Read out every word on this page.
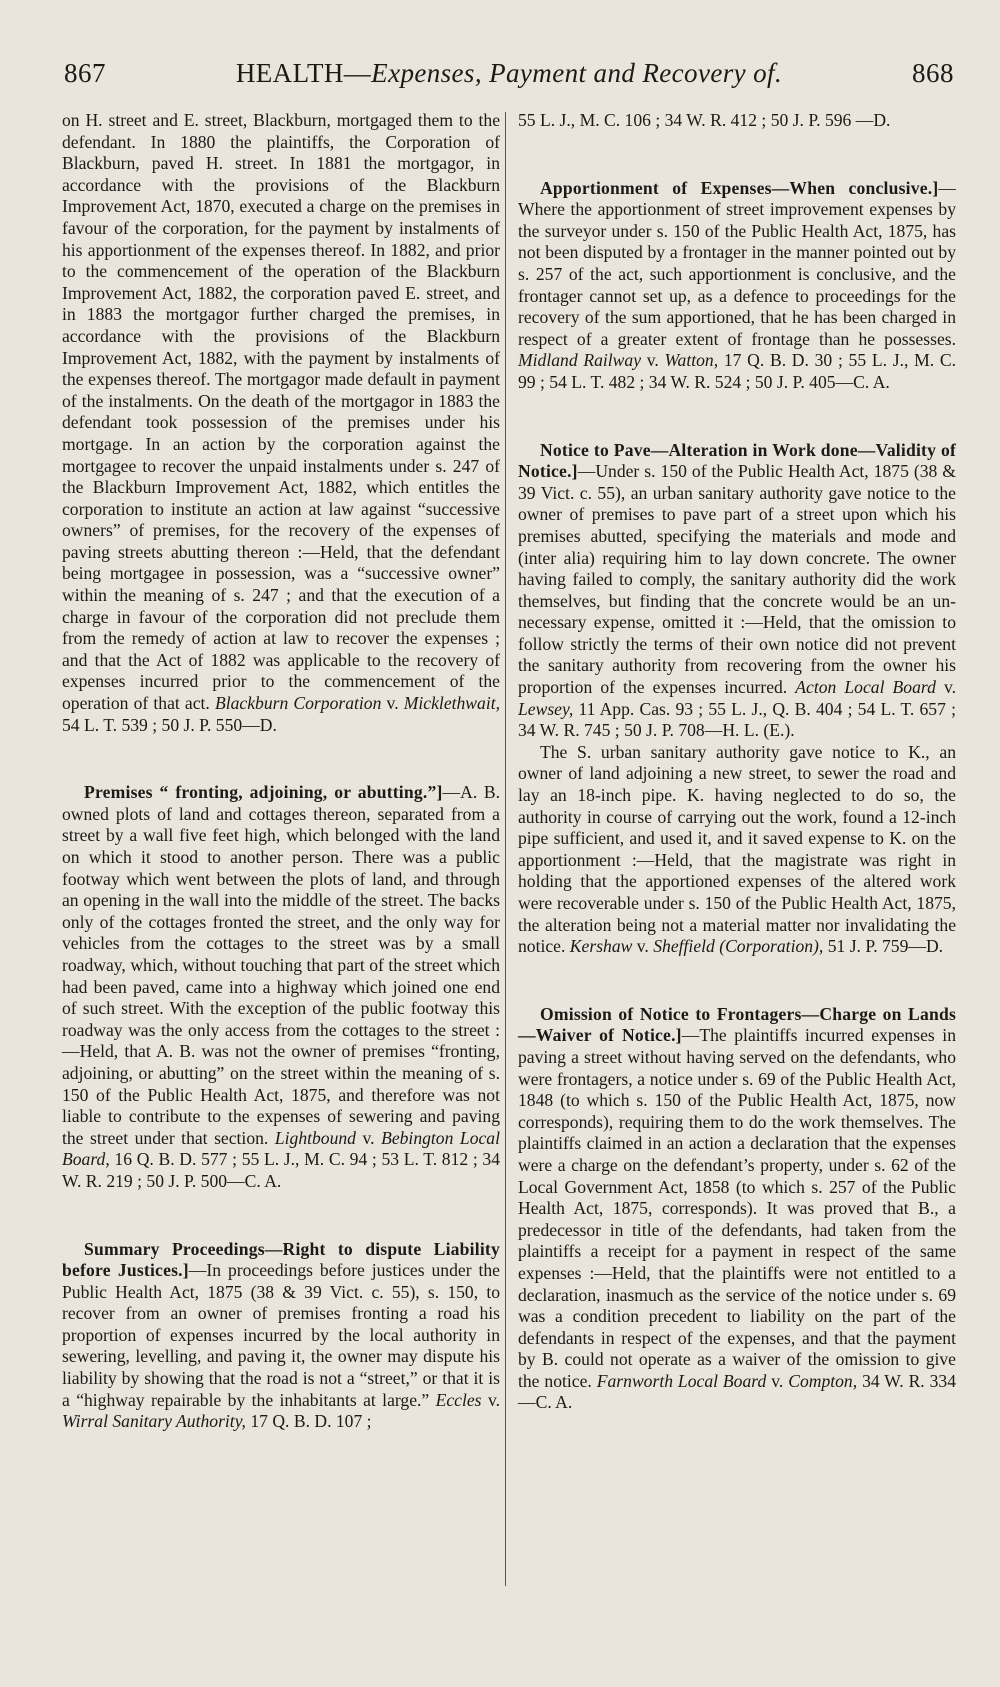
867	HEALTH—Expenses, Payment and Recovery of.	868

on H. street and E. street, Blackburn, mortgaged them to the defendant. In 1880 the plaintiffs, the Corporation of Blackburn, paved H. street. In 1881 the mortgagor, in accordance with the provisions of the Blackburn Improvement Act, 1870, executed a charge on the premises in favour of the corporation, for the payment by instalments of his apportionment of the expenses thereof. In 1882, and prior to the commencement of the operation of the Blackburn Improvement Act, 1882, the corporation paved E. street, and in 1883 the mortgagor further charged the premises, in accordance with the provisions of the Blackburn Improvement Act, 1882, with the payment by instalments of the expenses thereof. The mortgagor made default in payment of the instalments. On the death of the mortgagor in 1883 the defendant took possession of the premises under his mortgage. In an action by the corporation against the mortgagee to recover the unpaid instalments under s. 247 of the Blackburn Improvement Act, 1882, which entitles the corporation to institute an action at law against “successive owners” of premises, for the recovery of the expenses of paving streets abutting thereon :—Held, that the defendant being mortgagee in possession, was a “successive owner” within the meaning of s. 247 ; and that the execution of a charge in favour of the corporation did not preclude them from the remedy of action at law to recover the expenses ; and that the Act of 1882 was applicable to the recovery of expenses incurred prior to the commencement of the operation of that act. Blackburn Corporation v. Micklethwait, 54 L. T. 539 ; 50 J. P. 550—D.

Premises “ fronting, adjoining, or abutting.”]—A. B. owned plots of land and cottages thereon, separated from a street by a wall five feet high, which belonged with the land on which it stood to another person. There was a public footway which went between the plots of land, and through an opening in the wall into the middle of the street. The backs only of the cottages fronted the street, and the only way for vehicles from the cottages to the street was by a small roadway, which, without touching that part of the street which had been paved, came into a highway which joined one end of such street. With the exception of the public footway this roadway was the only access from the cottages to the street :—Held, that A. B. was not the owner of premises “fronting, adjoining, or abutting” on the street within the meaning of s. 150 of the Public Health Act, 1875, and therefore was not liable to contribute to the expenses of sewering and paving the street under that section. Lightbound v. Bebington Local Board, 16 Q. B. D. 577 ; 55 L. J., M. C. 94 ; 53 L. T. 812 ; 34 W. R. 219 ; 50 J. P. 500—C. A.

Summary Proceedings—Right to dispute Liability before Justices.]—In proceedings before justices under the Public Health Act, 1875 (38 & 39 Vict. c. 55), s. 150, to recover from an owner of premises fronting a road his proportion of expenses incurred by the local authority in sewering, levelling, and paving it, the owner may dispute his liability by showing that the road is not a “street,” or that it is a “highway repairable by the inhabitants at large.” Eccles v. Wirral Sanitary Authority, 17 Q. B. D. 107 ;

55 L. J., M. C. 106 ; 34 W. R. 412 ; 50 J. P. 596 —D.

Apportionment of Expenses—When conclusive.]—Where the apportionment of street improvement expenses by the surveyor under s. 150 of the Public Health Act, 1875, has not been disputed by a frontager in the manner pointed out by s. 257 of the act, such apportionment is conclusive, and the frontager cannot set up, as a defence to proceedings for the recovery of the sum apportioned, that he has been charged in respect of a greater extent of frontage than he possesses. Midland Railway v. Watton, 17 Q. B. D. 30 ; 55 L. J., M. C. 99 ; 54 L. T. 482 ; 34 W. R. 524 ; 50 J. P. 405—C. A.

Notice to Pave—Alteration in Work done—Validity of Notice.]—Under s. 150 of the Public Health Act, 1875 (38 & 39 Vict. c. 55), an urban sanitary authority gave notice to the owner of premises to pave part of a street upon which his premises abutted, specifying the materials and mode and (inter alia) requiring him to lay down concrete. The owner having failed to comply, the sanitary authority did the work themselves, but finding that the concrete would be an unnecessary expense, omitted it :—Held, that the omission to follow strictly the terms of their own notice did not prevent the sanitary authority from recovering from the owner his proportion of the expenses incurred. Acton Local Board v. Lewsey, 11 App. Cas. 93 ; 55 L. J., Q. B. 404 ; 54 L. T. 657 ; 34 W. R. 745 ; 50 J. P. 708—H. L. (E.).

The S. urban sanitary authority gave notice to K., an owner of land adjoining a new street, to sewer the road and lay an 18-inch pipe. K. having neglected to do so, the authority in course of carrying out the work, found a 12-inch pipe sufficient, and used it, and it saved expense to K. on the apportionment :—Held, that the magistrate was right in holding that the apportioned expenses of the altered work were recoverable under s. 150 of the Public Health Act, 1875, the alteration being not a material matter nor invalidating the notice. Kershaw v. Sheffield (Corporation), 51 J. P. 759—D.

Omission of Notice to Frontagers—Charge on Lands—Waiver of Notice.]—The plaintiffs incurred expenses in paving a street without having served on the defendants, who were frontagers, a notice under s. 69 of the Public Health Act, 1848 (to which s. 150 of the Public Health Act, 1875, now corresponds), requiring them to do the work themselves. The plaintiffs claimed in an action a declaration that the expenses were a charge on the defendant’s property, under s. 62 of the Local Government Act, 1858 (to which s. 257 of the Public Health Act, 1875, corresponds). It was proved that B., a predecessor in title of the defendants, had taken from the plaintiffs a receipt for a payment in respect of the same expenses :—Held, that the plaintiffs were not entitled to a declaration, inasmuch as the service of the notice under s. 69 was a condition precedent to liability on the part of the defendants in respect of the expenses, and that the payment by B. could not operate as a waiver of the omission to give the notice. Farnworth Local Board v. Compton, 34 W. R. 334—C. A.
